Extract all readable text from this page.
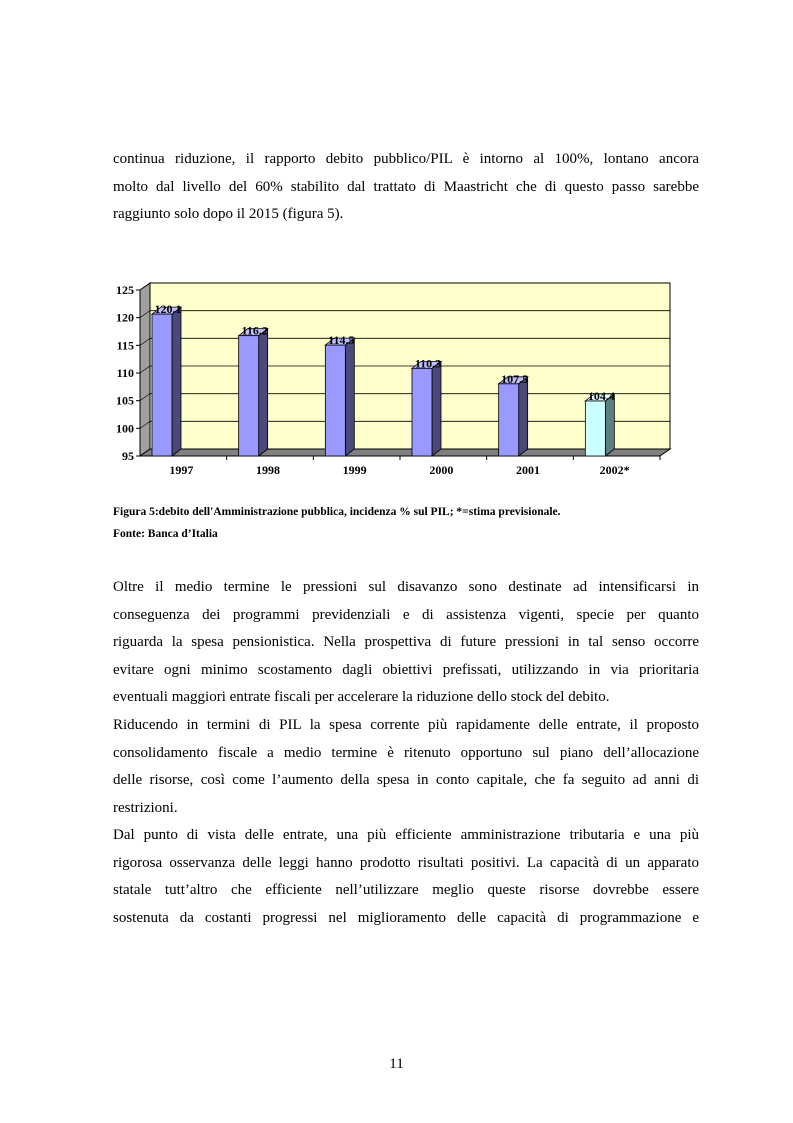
continua riduzione, il rapporto debito pubblico/PIL è intorno al 100%, lontano ancora
molto dal livello del 60% stabilito dal trattato di Maastricht che di questo passo sarebbe
raggiunto solo dopo il 2015 (figura 5).

95
100
105
110
115
120
125
120.1
1997
116.2
1998
114.5
1999
110.3
2000
107.5
2001
104.4
2002*

Figura 5:debito dell'Amministrazione pubblica, incidenza % sul PIL; *=stima previsionale.

Fonte: Banca d’Italia

Oltre il medio termine le pressioni sul disavanzo sono destinate ad intensificarsi in
conseguenza dei programmi previdenziali e di assistenza vigenti, specie per quanto
riguarda la spesa pensionistica. Nella prospettiva di future pressioni in tal senso occorre
evitare ogni minimo scostamento dagli obiettivi prefissati, utilizzando in via prioritaria
eventuali maggiori entrate fiscali per accelerare la riduzione dello stock del debito.

Riducendo in termini di PIL la spesa corrente più rapidamente delle entrate, il proposto
consolidamento fiscale a medio termine è ritenuto opportuno sul piano dell’allocazione
delle risorse, così come l’aumento della spesa in conto capitale, che fa seguito ad anni di
restrizioni.

Dal punto di vista delle entrate, una più efficiente amministrazione tributaria e una più
rigorosa osservanza delle leggi hanno prodotto risultati positivi. La capacità di un apparato
statale tutt’altro che efficiente nell’utilizzare meglio queste risorse dovrebbe essere
sostenuta da costanti progressi nel miglioramento delle capacità di programmazione e

11
